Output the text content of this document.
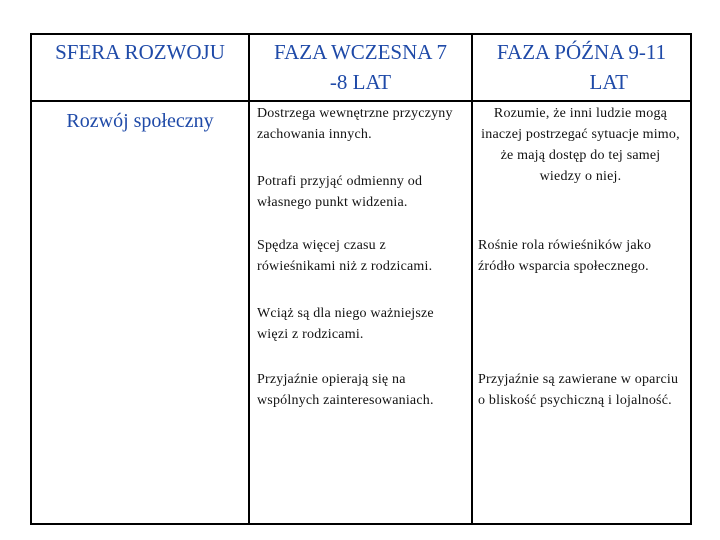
SFERA ROZWOJU	FAZA WCZESNA 7
-8 LAT
FAZA PÓŹNA 9-11
LAT
Rozwój społeczny	Dostrzega wewnętrzne przyczyny zachowania innych.
Potrafi przyjąć odmienny od własnego punkt widzenia.
Spędza więcej czasu z rówieśnikami niż z rodzicami.
Wciąż są dla niego ważniejsze więzi z rodzicami.
Przyjaźnie opierają się na wspólnych zainteresowaniach.
Rozumie, że inni ludzie mogą inaczej postrzegać sytuacje mimo, że mają dostęp do tej samej wiedzy o niej.
Rośnie rola rówieśników jako źródło wsparcia społecznego.
Przyjaźnie są zawierane w oparciu o bliskość psychiczną i lojalność.
